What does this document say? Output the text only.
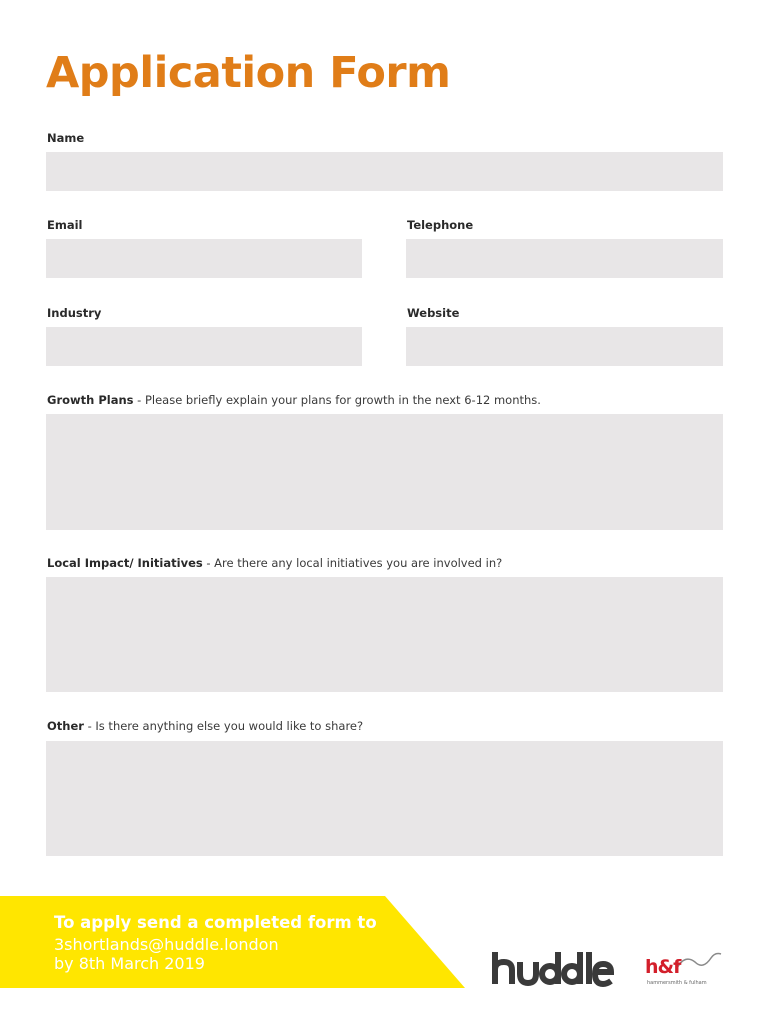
Application Form
Name
Email	Telephone
Industry	Website
Growth Plans - Please briefly explain your plans for growth in the next 6-12 months.
Local Impact/ Initiatives - Are there any local initiatives you are involved in?
Other - Is there anything else you would like to share?
To apply send a completed form to
3shortlands@huddle.london
by 8th March 2019	h&f
hammersmith & fulham
